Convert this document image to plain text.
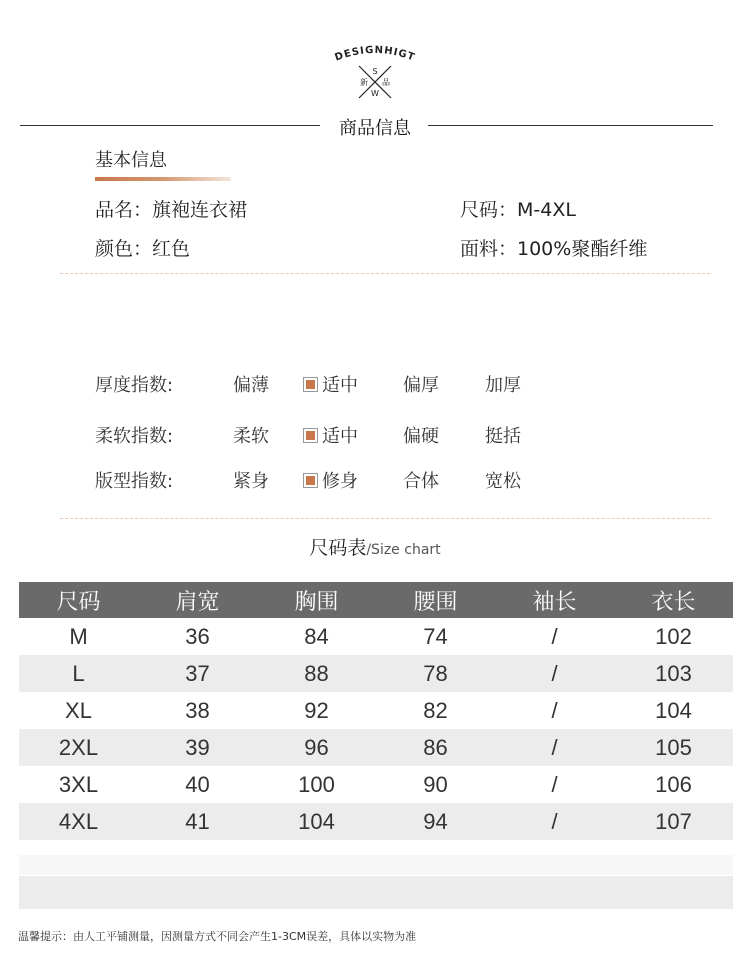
DESIGNHIGT
S
W
新 品
商品信息
基本信息
品名：旗袍连衣裙	尺码：M-4XL
颜色：红色	面料：100%聚酯纤维
厚度指数:	偏薄	适中	偏厚	加厚
柔软指数:	柔软	适中	偏硬	挺括
版型指数:	紧身	修身	合体	宽松
尺码表/Size chart
尺码	肩宽	胸围	腰围	袖长	衣长
M	36	84	74	/	102
L	37	88	78	/	103
XL	38	92	82	/	104
2XL	39	96	86	/	105
3XL	40	100	90	/	106
4XL	41	104	94	/	107
温馨提示：由人工平铺测量，因测量方式不同会产生1-3CM误差，具体以实物为准
